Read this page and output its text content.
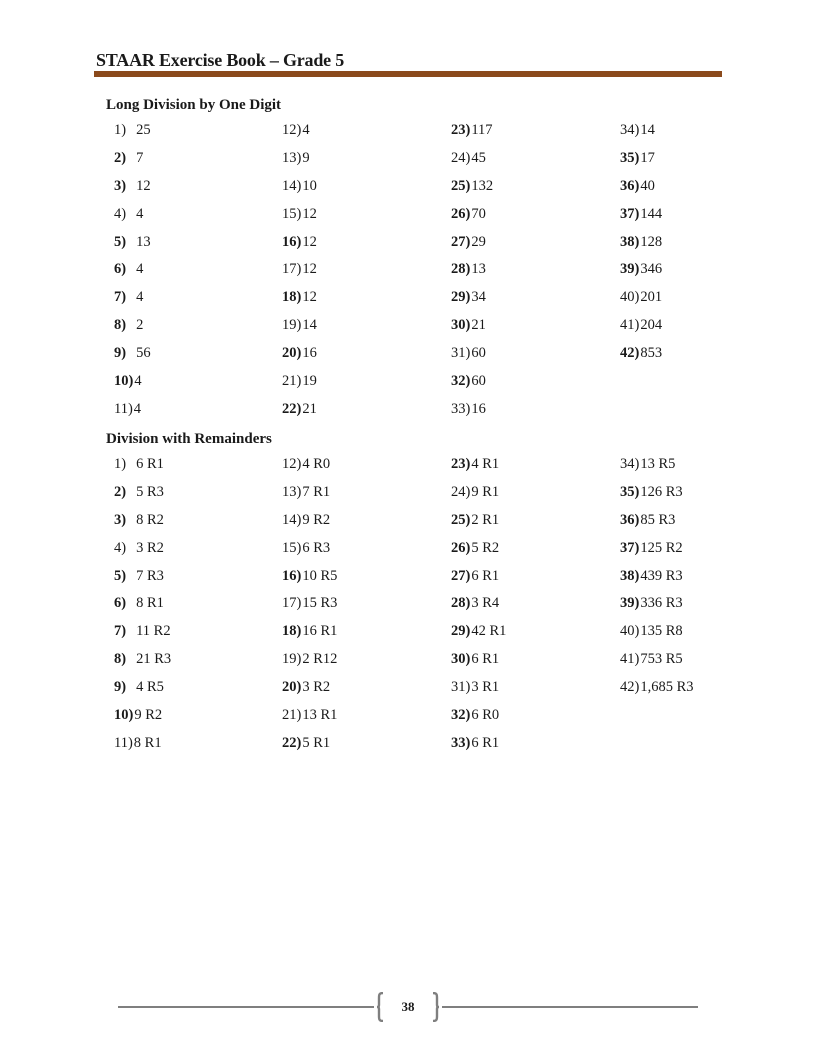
STAAR Exercise Book – Grade 5
Long Division by One Digit
1) 25
2) 7
3) 12
4) 4
5) 13
6) 4
7) 4
8) 2
9) 56
10)4
11)4
12)4
13)9
14)10
15)12
16)12
17)12
18)12
19)14
20)16
21)19
22)21
23)117
24)45
25)132
26)70
27)29
28)13
29)34
30)21
31)60
32)60
33)16
34)14
35)17
36)40
37)144
38)128
39)346
40)201
41)204
42)853
Division with Remainders
1) 6 R1
2) 5 R3
3) 8 R2
4) 3 R2
5) 7 R3
6) 8 R1
7) 11 R2
8) 21 R3
9) 4 R5
10)9 R2
11)8 R1
12)4 R0
13)7 R1
14)9 R2
15)6 R3
16)10 R5
17)15 R3
18)16 R1
19)2 R12
20)3 R2
21)13 R1
22)5 R1
23)4 R1
24)9 R1
25)2 R1
26)5 R2
27)6 R1
28)3 R4
29)42 R1
30)6 R1
31)3 R1
32)6 R0
33)6 R1
34)13 R5
35)126 R3
36)85 R3
37)125 R2
38)439 R3
39)336 R3
40)135 R8
41)753 R5
42)1,685 R3
38
